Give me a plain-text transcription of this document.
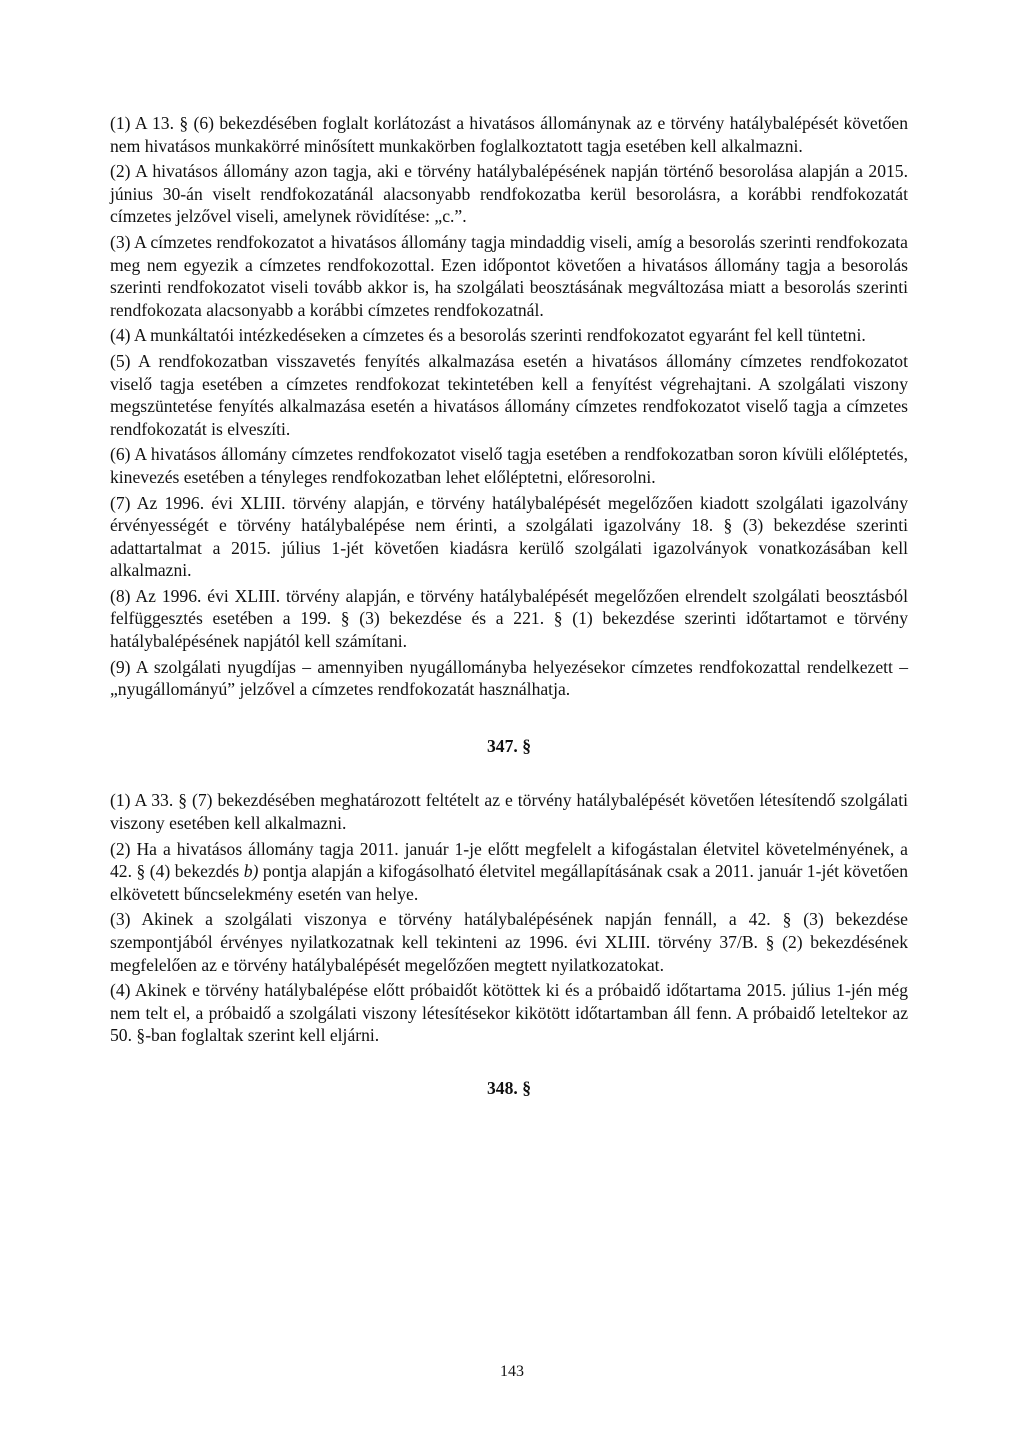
(1) A 13. § (6) bekezdésében foglalt korlátozást a hivatásos állománynak az e törvény hatálybalépését követően nem hivatásos munkakörré minősített munkakörben foglalkoztatott tagja esetében kell alkalmazni.

(2) A hivatásos állomány azon tagja, aki e törvény hatálybalépésének napján történő besorolása alapján a 2015. június 30-án viselt rendfokozatánál alacsonyabb rendfokozatba kerül besorolásra, a korábbi rendfokozatát címzetes jelzővel viseli, amelynek rövidítése: „c.”.

(3) A címzetes rendfokozatot a hivatásos állomány tagja mindaddig viseli, amíg a besorolás szerinti rendfokozata meg nem egyezik a címzetes rendfokozottal. Ezen időpontot követően a hivatásos állomány tagja a besorolás szerinti rendfokozatot viseli tovább akkor is, ha szolgálati beosztásának megváltozása miatt a besorolás szerinti rendfokozata alacsonyabb a korábbi címzetes rendfokozatnál.

(4) A munkáltatói intézkedéseken a címzetes és a besorolás szerinti rendfokozatot egyaránt fel kell tüntetni.

(5) A rendfokozatban visszavetés fenyítés alkalmazása esetén a hivatásos állomány címzetes rendfokozatot viselő tagja esetében a címzetes rendfokozat tekintetében kell a fenyítést végrehajtani. A szolgálati viszony megszüntetése fenyítés alkalmazása esetén a hivatásos állomány címzetes rendfokozatot viselő tagja a címzetes rendfokozatát is elveszíti.

(6) A hivatásos állomány címzetes rendfokozatot viselő tagja esetében a rendfokozatban soron kívüli előléptetés, kinevezés esetében a tényleges rendfokozatban lehet előléptetni, előresorolni.

(7) Az 1996. évi XLIII. törvény alapján, e törvény hatálybalépését megelőzően kiadott szolgálati igazolvány érvényességét e törvény hatálybalépése nem érinti, a szolgálati igazolvány 18. § (3) bekezdése szerinti adattartalmat a 2015. július 1-jét követően kiadásra kerülő szolgálati igazolványok vonatkozásában kell alkalmazni.

(8) Az 1996. évi XLIII. törvény alapján, e törvény hatálybalépését megelőzően elrendelt szolgálati beosztásból felfüggesztés esetében a 199. § (3) bekezdése és a 221. § (1) bekezdése szerinti időtartamot e törvény hatálybalépésének napjától kell számítani.

(9) A szolgálati nyugdíjas – amennyiben nyugállományba helyezésekor címzetes rendfokozattal rendelkezett – „nyugállományú” jelzővel a címzetes rendfokozatát használhatja.

347. §

(1) A 33. § (7) bekezdésében meghatározott feltételt az e törvény hatálybalépését követően létesítendő szolgálati viszony esetében kell alkalmazni.

(2) Ha a hivatásos állomány tagja 2011. január 1-je előtt megfelelt a kifogástalan életvitel követelményének, a 42. § (4) bekezdés b) pontja alapján a kifogásolható életvitel megállapításának csak a 2011. január 1-jét követően elkövetett bűncselekmény esetén van helye.

(3) Akinek a szolgálati viszonya e törvény hatálybalépésének napján fennáll, a 42. § (3) bekezdése szempontjából érvényes nyilatkozatnak kell tekinteni az 1996. évi XLIII. törvény 37/B. § (2) bekezdésének megfelelően az e törvény hatálybalépését megelőzően megtett nyilatkozatokat.

(4) Akinek e törvény hatálybalépése előtt próbaidőt kötöttek ki és a próbaidő időtartama 2015. július 1-jén még nem telt el, a próbaidő a szolgálati viszony létesítésekor kikötött időtartamban áll fenn. A próbaidő leteltekor az 50. §-ban foglaltak szerint kell eljárni.

348. §
143
